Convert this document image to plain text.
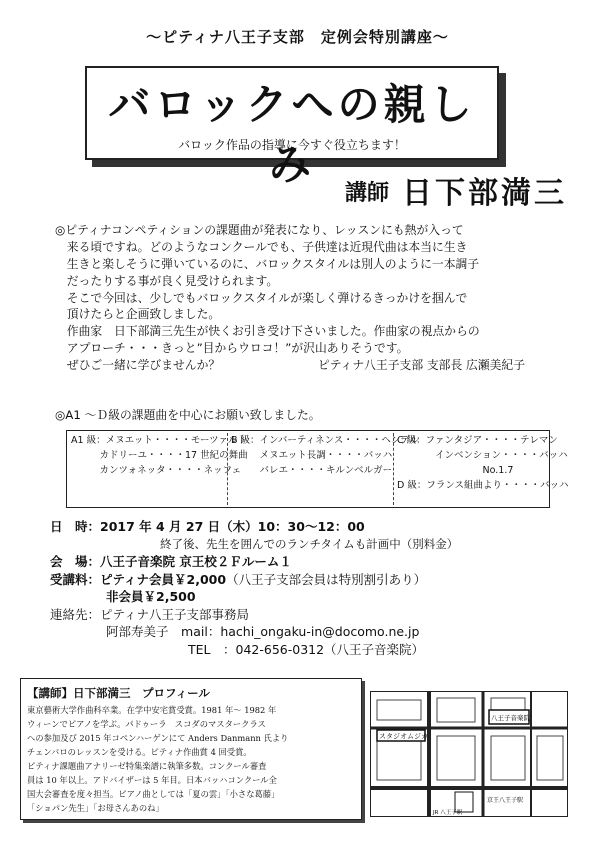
～ピティナ八王子支部　定例会特別講座～
バロックへの親しみ
バロック作品の指導に今すぐ役立ちます！
講師 日下部満三
◎ピティナコンペティションの課題曲が発表になり、レッスンにも熱が入って
　来る頃ですね。どのようなコンクールでも、子供達は近現代曲は本当に生き
　生きと楽しそうに弾いているのに、バロックスタイルは別人のように一本調子
　だったりする事が良く見受けられます。
　そこで今回は、少しでもバロックスタイルが楽しく弾けるきっかけを掴んで
　頂けたらと企画致しました。
　作曲家　日下部満三先生が快くお引き受け下さいました。作曲家の視点からの
　アプローチ・・・きっと”目からウロコ！”が沢山ありそうです。
　ぜひご一緒に学びませんか？	ピティナ八王子支部 支部長 広瀬美紀子
◎A1 ～Ｄ級の課題曲を中心にお願い致しました。
A1 級：メヌエット・・・・モーツァルト
　　　カドリーユ・・・・17 世紀の舞曲
　　　カンツォネッタ・・・・ネッフェ
B 級：インバーティネンス・・・・ヘンデル
　　　メヌエット長調・・・・バッハ
　　　バレエ・・・・キルンベルガー
C 級：ファンタジア・・・・テレマン
　　　　インベンション・・・・バッハ
　　　　　　　　　No.1.7
D 級：フランス組曲より・・・・バッハ
日　時：2017 年 4 月 27 日（木）10：30～12：00
終了後、先生を囲んでのランチタイムも計画中（別料金）
会　場：八王子音楽院 京王校２Ｆルーム１
受講料：ピティナ会員￥2,000（八王子支部会員は特別割引あり）
非会員￥2,500
連絡先：ピティナ八王子支部事務局
阿部寿美子　 mail：hachi_ongaku-in@docomo.ne.jp
TEL　：042-656-0312（八王子音楽院）
【講師】日下部満三　プロフィール
東京藝術大学作曲科卒業。在学中安宅賞受賞。1981 年～ 1982 年
ウィーンでピアノを学ぶ。パドゥーラ　スコダのマスタークラス
への参加及び 2015 年コペンハーゲンにて Anders Danmann 氏より
チェンバロのレッスンを受ける。ピティナ作曲賞 4 回受賞。
ピティナ課題曲アナリーゼ特集楽譜に執筆多数。コンクール審査
員は 10 年以上。アドバイザーは 5 年目。日本バッハコンクール全
国大会審査を度々担当。ピアノ曲としては「夏の雲」「小さな葛藤」
「ショパン先生」「お母さんあのね」
スタジオムジカ
八王子音楽院
京王八王子駅
JR 八王子駅
